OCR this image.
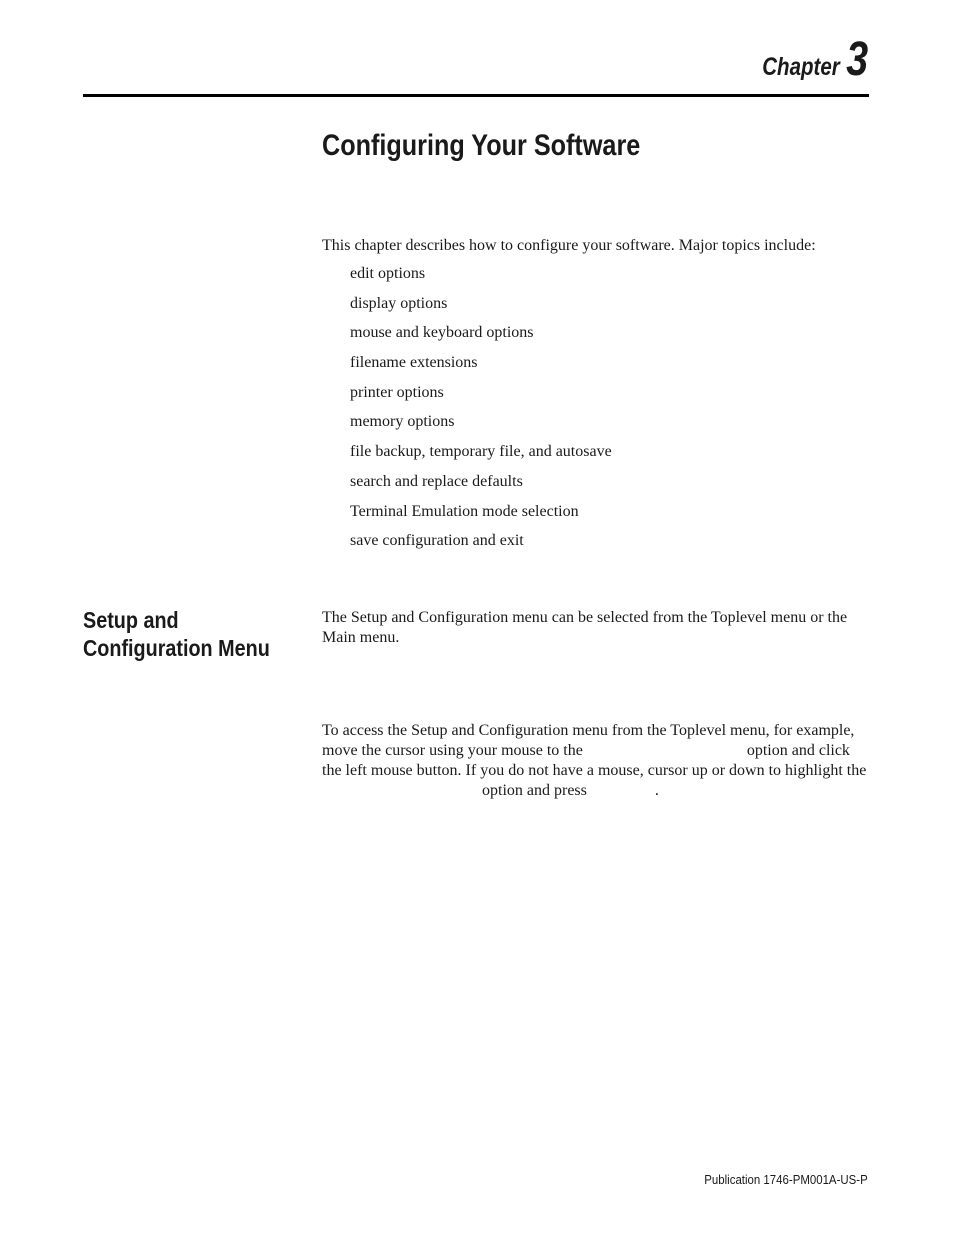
Chapter 3
Configuring Your Software

This chapter describes how to configure your software. Major topics include:

edit options
display options
mouse and keyboard options
filename extensions
printer options
memory options
file backup, temporary file, and autosave
search and replace defaults
Terminal Emulation mode selection
save configuration and exit
Setup and Configuration Menu

The Setup and Configuration menu can be selected from the Toplevel menu or the Main menu.

To access the Setup and Configuration menu from the Toplevel menu, for example, move the cursor using your mouse to the	option and click the left mouse button. If you do not have a mouse, cursor up or down to highlight the option and press	.

Publication 1746-PM001A-US-P
